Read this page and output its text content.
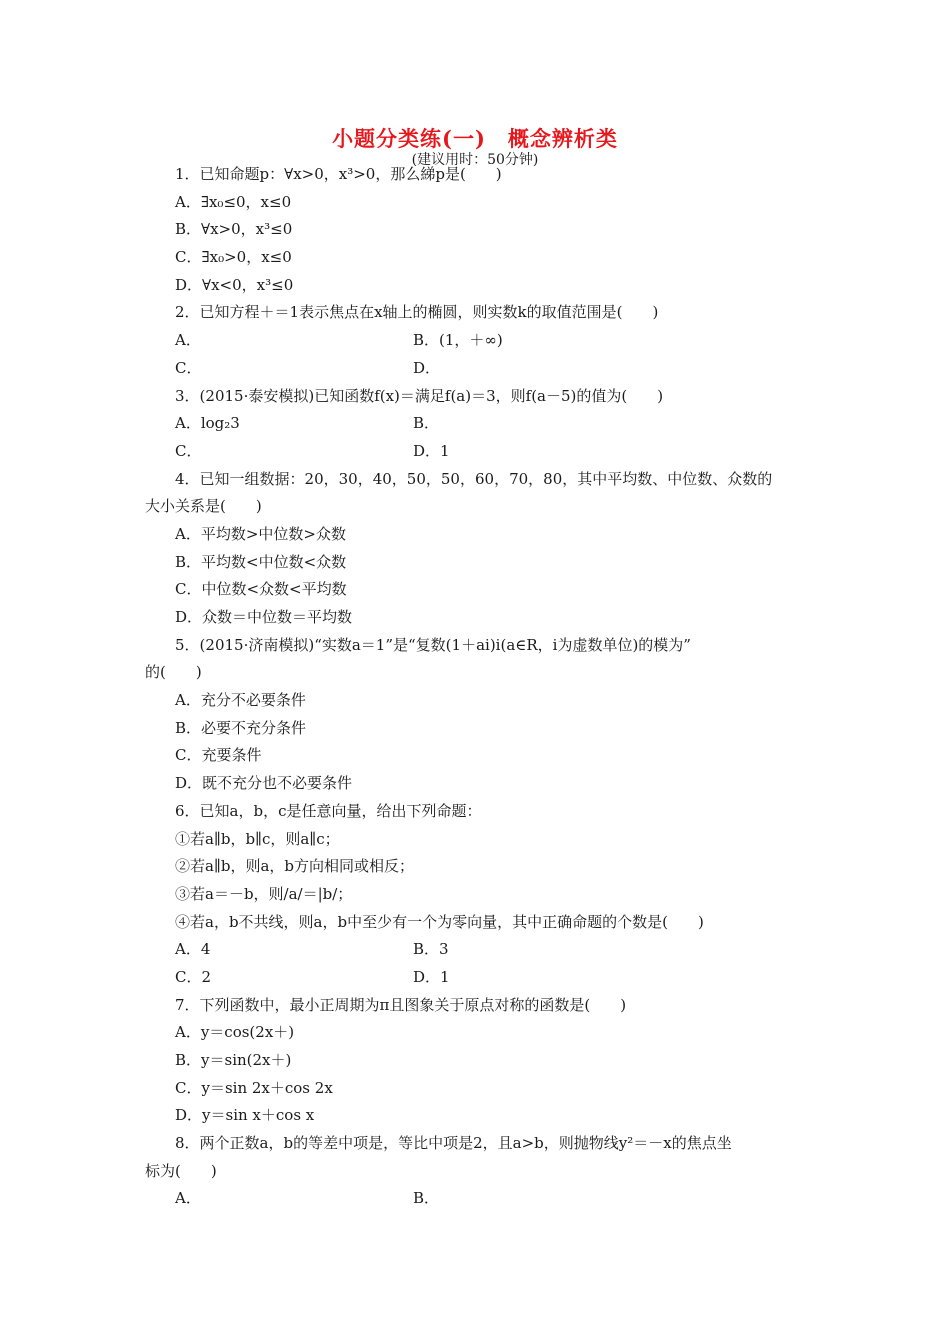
小题分类练(一)　概念辨析类
(建议用时：50分钟)
1．已知命题p：∀x>0，x³>0，那么綈p是(　　)
A．∃x₀≤0，x≤0
B．∀x>0，x³≤0
C．∃x₀>0，x≤0
D．∀x<0，x³≤0
2．已知方程＋＝1表示焦点在x轴上的椭圆，则实数k的取值范围是(　　)
A．	B．(1，＋∞)
C．	D．
3．(2015·泰安模拟)已知函数f(x)＝满足f(a)＝3，则f(a－5)的值为(　　)
A．log₂3	B．
C．	D．1
4．已知一组数据：20，30，40，50，50，60，70，80，其中平均数、中位数、众数的
大小关系是(　　)
A．平均数>中位数>众数
B．平均数<中位数<众数
C．中位数<众数<平均数
D．众数＝中位数＝平均数
5．(2015·济南模拟)“实数a＝1”是“复数(1＋ai)i(a∈R，i为虚数单位)的模为”
的(　　)
A．充分不必要条件
B．必要不充分条件
C．充要条件
D．既不充分也不必要条件
6．已知a，b，c是任意向量，给出下列命题：
①若a∥b，b∥c，则a∥c；
②若a∥b，则a，b方向相同或相反；
③若a＝－b，则/a/＝|b/；
④若a，b不共线，则a，b中至少有一个为零向量，其中正确命题的个数是(　　)
A．4	B．3
C．2	D．1
7．下列函数中，最小正周期为π且图象关于原点对称的函数是(　　)
A．y＝cos(2x＋)
B．y＝sin(2x＋)
C．y＝sin 2x＋cos 2x
D．y＝sin x＋cos x
8．两个正数a，b的等差中项是，等比中项是2，且a>b，则抛物线y²＝－x的焦点坐
标为(　　)
A．	B．
